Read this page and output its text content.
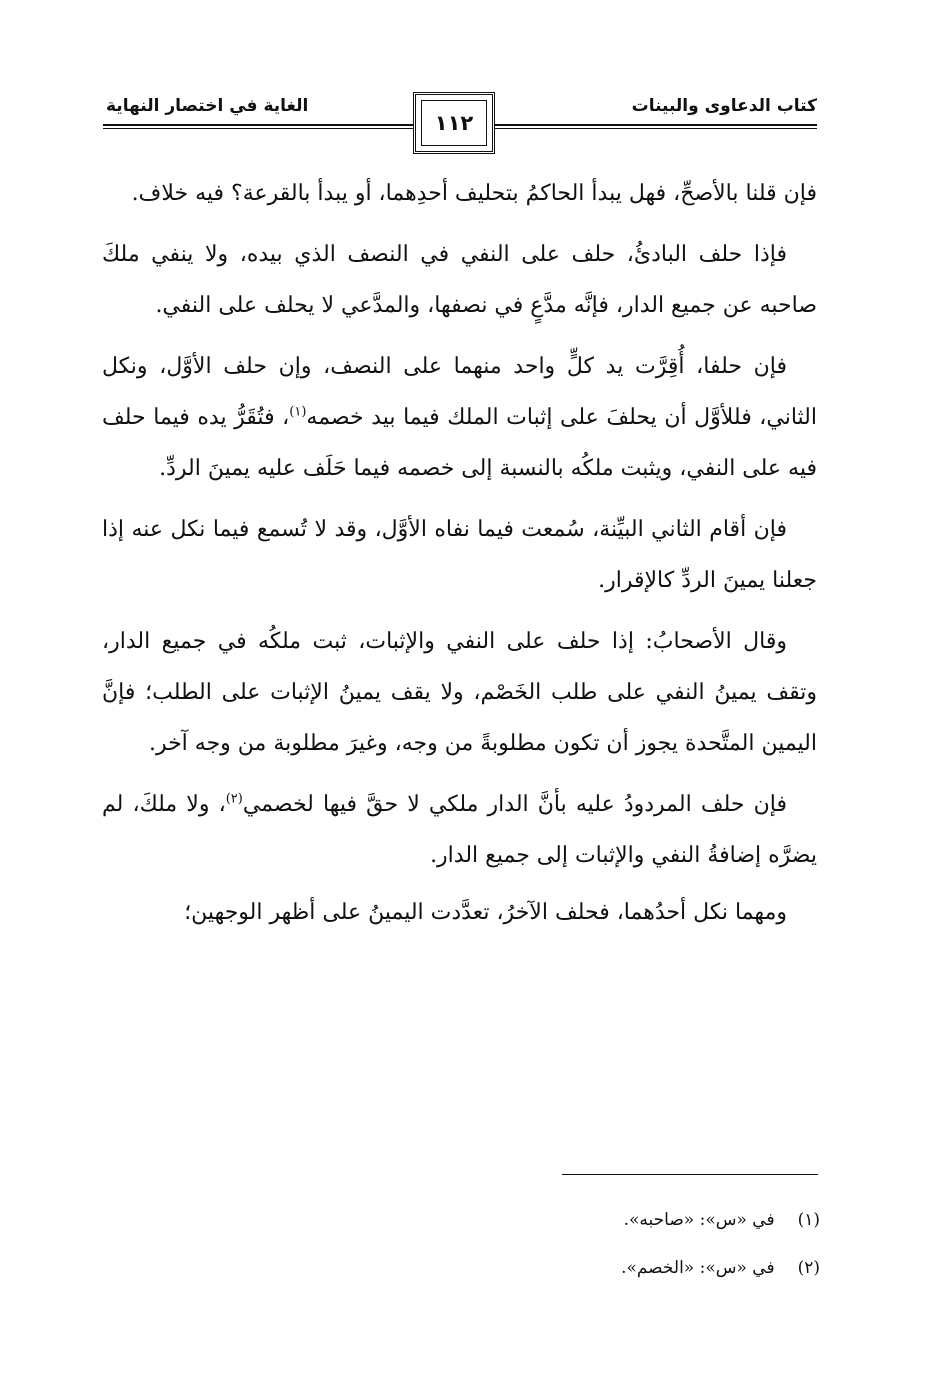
الغاية في اختصار النهاية	كتاب الدعاوى والبينات
١١٢

فإن قلنا بالأصحِّ، فهل يبدأ الحاكمُ بتحليف أحدِهما، أو يبدأ بالقرعة؟ فيه خلاف.

فإذا حلف البادئُ، حلف على النفي في النصف الذي بيده، ولا ينفي ملكَ صاحبه عن جميع الدار، فإنَّه مدَّعٍ في نصفها، والمدَّعي لا يحلف على النفي.

فإن حلفا، أُقِرَّت يد كلٍّ واحد منهما على النصف، وإن حلف الأوَّل، ونكل الثاني، فللأوَّل أن يحلفَ على إثبات الملك فيما بيد خصمه$^{(١)}$، فتُقَرُّ يده فيما حلف فيه على النفي، ويثبت ملكُه بالنسبة إلى خصمه فيما حَلَف عليه يمينَ الردِّ.

فإن أقام الثاني البيِّنة، سُمعت فيما نفاه الأوَّل، وقد لا تُسمع فيما نكل عنه إذا جعلنا يمينَ الردِّ كالإقرار.

وقال الأصحابُ: إذا حلف على النفي والإثبات، ثبت ملكُه في جميع الدار، وتقف يمينُ النفي على طلب الخَصْم، ولا يقف يمينُ الإثبات على الطلب؛ فإنَّ اليمين المتَّحدة يجوز أن تكون مطلوبةً من وجه، وغيرَ مطلوبة من وجه آخر.

فإن حلف المردودُ عليه بأنَّ الدار ملكي لا حقَّ فيها لخصمي$^{(٢)}$، ولا ملكَ، لم يضرَّه إضافةُ النفي والإثبات إلى جميع الدار.

ومهما نكل أحدُهما، فحلف الآخرُ، تعدَّدت اليمينُ على أظهر الوجهين؛

(١) في «س»: «صاحبه».
(٢) في «س»: «الخصم».
